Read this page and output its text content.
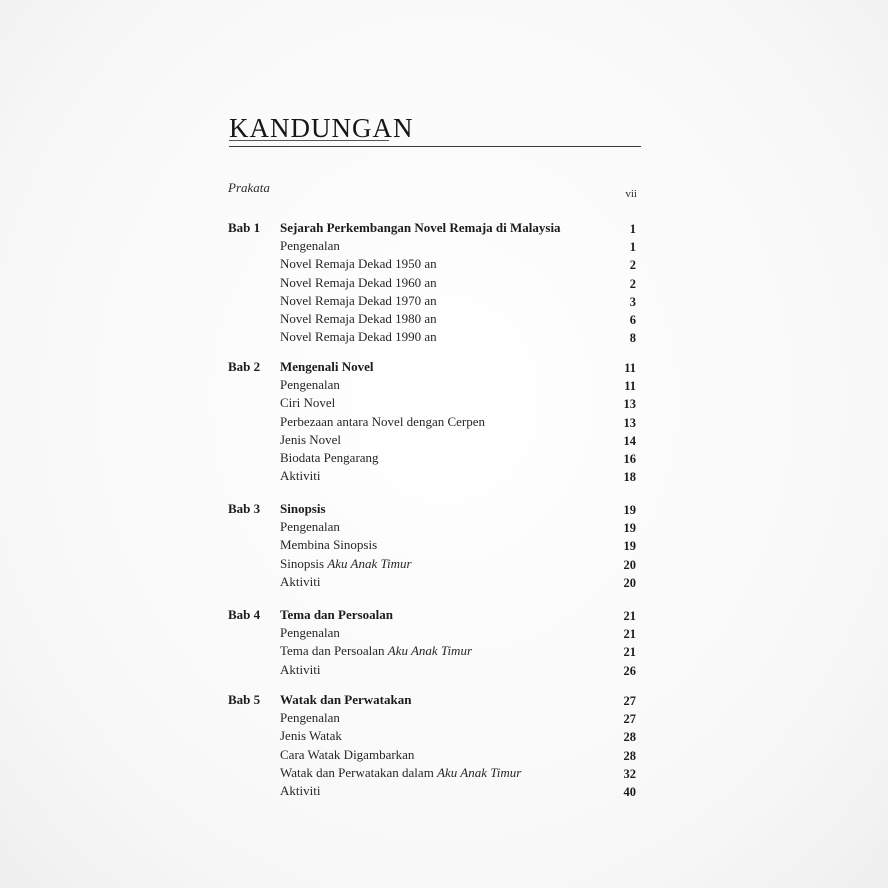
KANDUNGAN
Prakata	vii
Bab 1 Sejarah Perkembangan Novel Remaja di Malaysia	1
Pengenalan	1
Novel Remaja Dekad 1950 an	2
Novel Remaja Dekad 1960 an	2
Novel Remaja Dekad 1970 an	3
Novel Remaja Dekad 1980 an	6
Novel Remaja Dekad 1990 an	8
Bab 2 Mengenali Novel	11
Pengenalan	11
Ciri Novel	13
Perbezaan antara Novel dengan Cerpen	13
Jenis Novel	14
Biodata Pengarang	16
Aktiviti	18
Bab 3 Sinopsis	19
Pengenalan	19
Membina Sinopsis	19
Sinopsis Aku Anak Timur	20
Aktiviti	20
Bab 4 Tema dan Persoalan	21
Pengenalan	21
Tema dan Persoalan Aku Anak Timur	21
Aktiviti	26
Bab 5 Watak dan Perwatakan	27
Pengenalan	27
Jenis Watak	28
Cara Watak Digambarkan	28
Watak dan Perwatakan dalam Aku Anak Timur	32
Aktiviti	40
